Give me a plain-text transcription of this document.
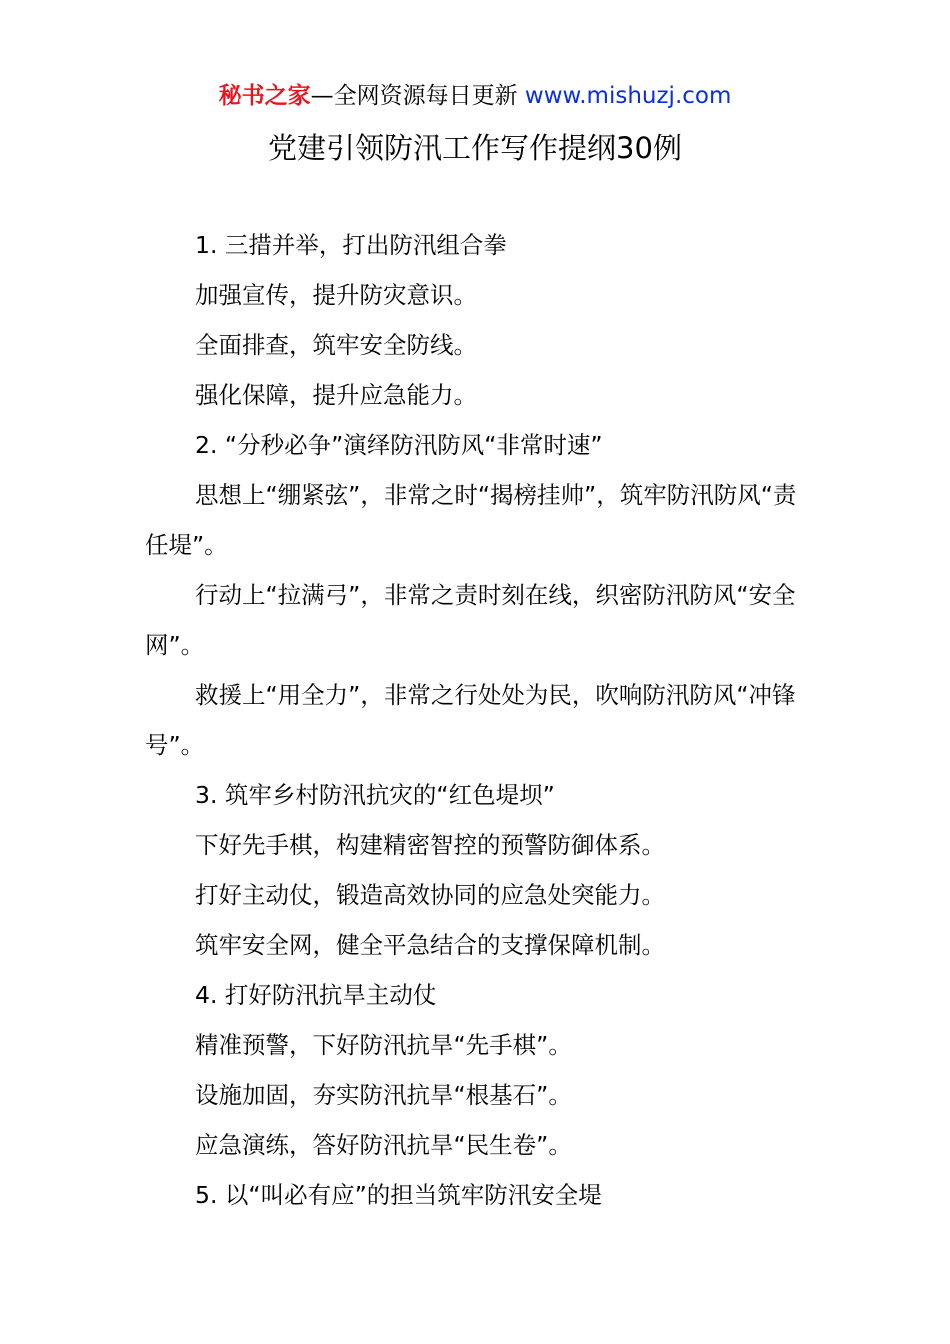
秘书之家—全网资源每日更新 www.mishuzj.com
党建引领防汛工作写作提纲30例

1. 三措并举，打出防汛组合拳

加强宣传，提升防灾意识。

全面排查，筑牢安全防线。

强化保障，提升应急能力。

2. “分秒必争”演绎防汛防风“非常时速”

思想上“绷紧弦”，非常之时“揭榜挂帅”，筑牢防汛防风“责任堤”。

行动上“拉满弓”，非常之责时刻在线，织密防汛防风“安全网”。

救援上“用全力”，非常之行处处为民，吹响防汛防风“冲锋号”。

3. 筑牢乡村防汛抗灾的“红色堤坝”

下好先手棋，构建精密智控的预警防御体系。

打好主动仗，锻造高效协同的应急处突能力。

筑牢安全网，健全平急结合的支撑保障机制。

4. 打好防汛抗旱主动仗

精准预警，下好防汛抗旱“先手棋”。

设施加固，夯实防汛抗旱“根基石”。

应急演练，答好防汛抗旱“民生卷”。

5. 以“叫必有应”的担当筑牢防汛安全堤
